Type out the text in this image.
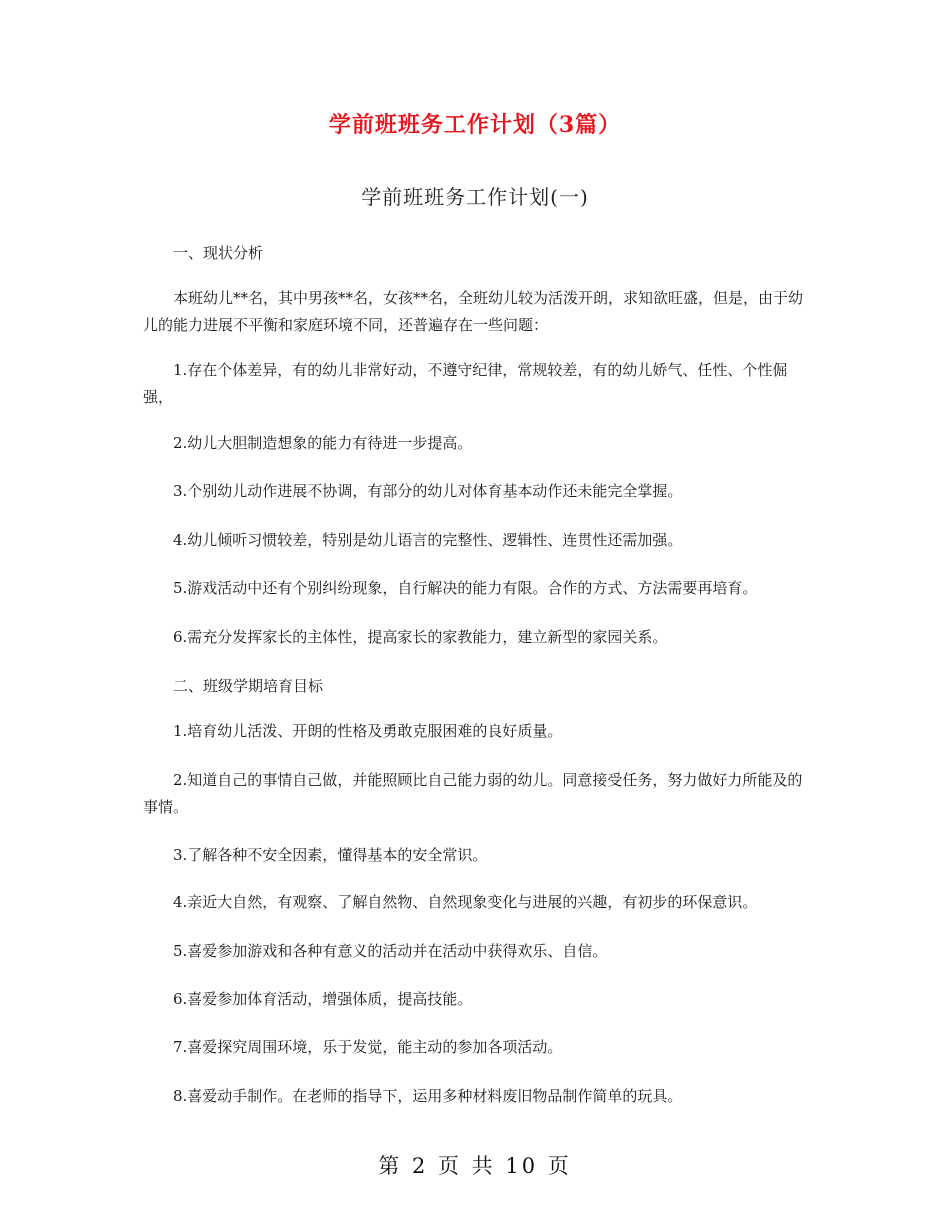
学前班班务工作计划（3篇）
学前班班务工作计划(一)
一、现状分析
本班幼儿**名，其中男孩**名，女孩**名，全班幼儿较为活泼开朗，求知欲旺盛，但是，由于幼儿的能力进展不平衡和家庭环境不同，还普遍存在一些问题：
1.存在个体差异，有的幼儿非常好动，不遵守纪律，常规较差，有的幼儿娇气、任性、个性倔强，
2.幼儿大胆制造想象的能力有待进一步提高。
3.个别幼儿动作进展不协调，有部分的幼儿对体育基本动作还未能完全掌握。
4.幼儿倾听习惯较差，特别是幼儿语言的完整性、逻辑性、连贯性还需加强。
5.游戏活动中还有个别纠纷现象，自行解决的能力有限。合作的方式、方法需要再培育。
6.需充分发挥家长的主体性，提高家长的家教能力，建立新型的家园关系。
二、班级学期培育目标
1.培育幼儿活泼、开朗的性格及勇敢克服困难的良好质量。
2.知道自己的事情自己做，并能照顾比自己能力弱的幼儿。同意接受任务，努力做好力所能及的事情。
3.了解各种不安全因素，懂得基本的安全常识。
4.亲近大自然，有观察、了解自然物、自然现象变化与进展的兴趣，有初步的环保意识。
5.喜爱参加游戏和各种有意义的活动并在活动中获得欢乐、自信。
6.喜爱参加体育活动，增强体质，提高技能。
7.喜爱探究周围环境，乐于发觉，能主动的参加各项活动。
8.喜爱动手制作。在老师的指导下，运用多种材料废旧物品制作简单的玩具。
第 2 页 共 10 页
